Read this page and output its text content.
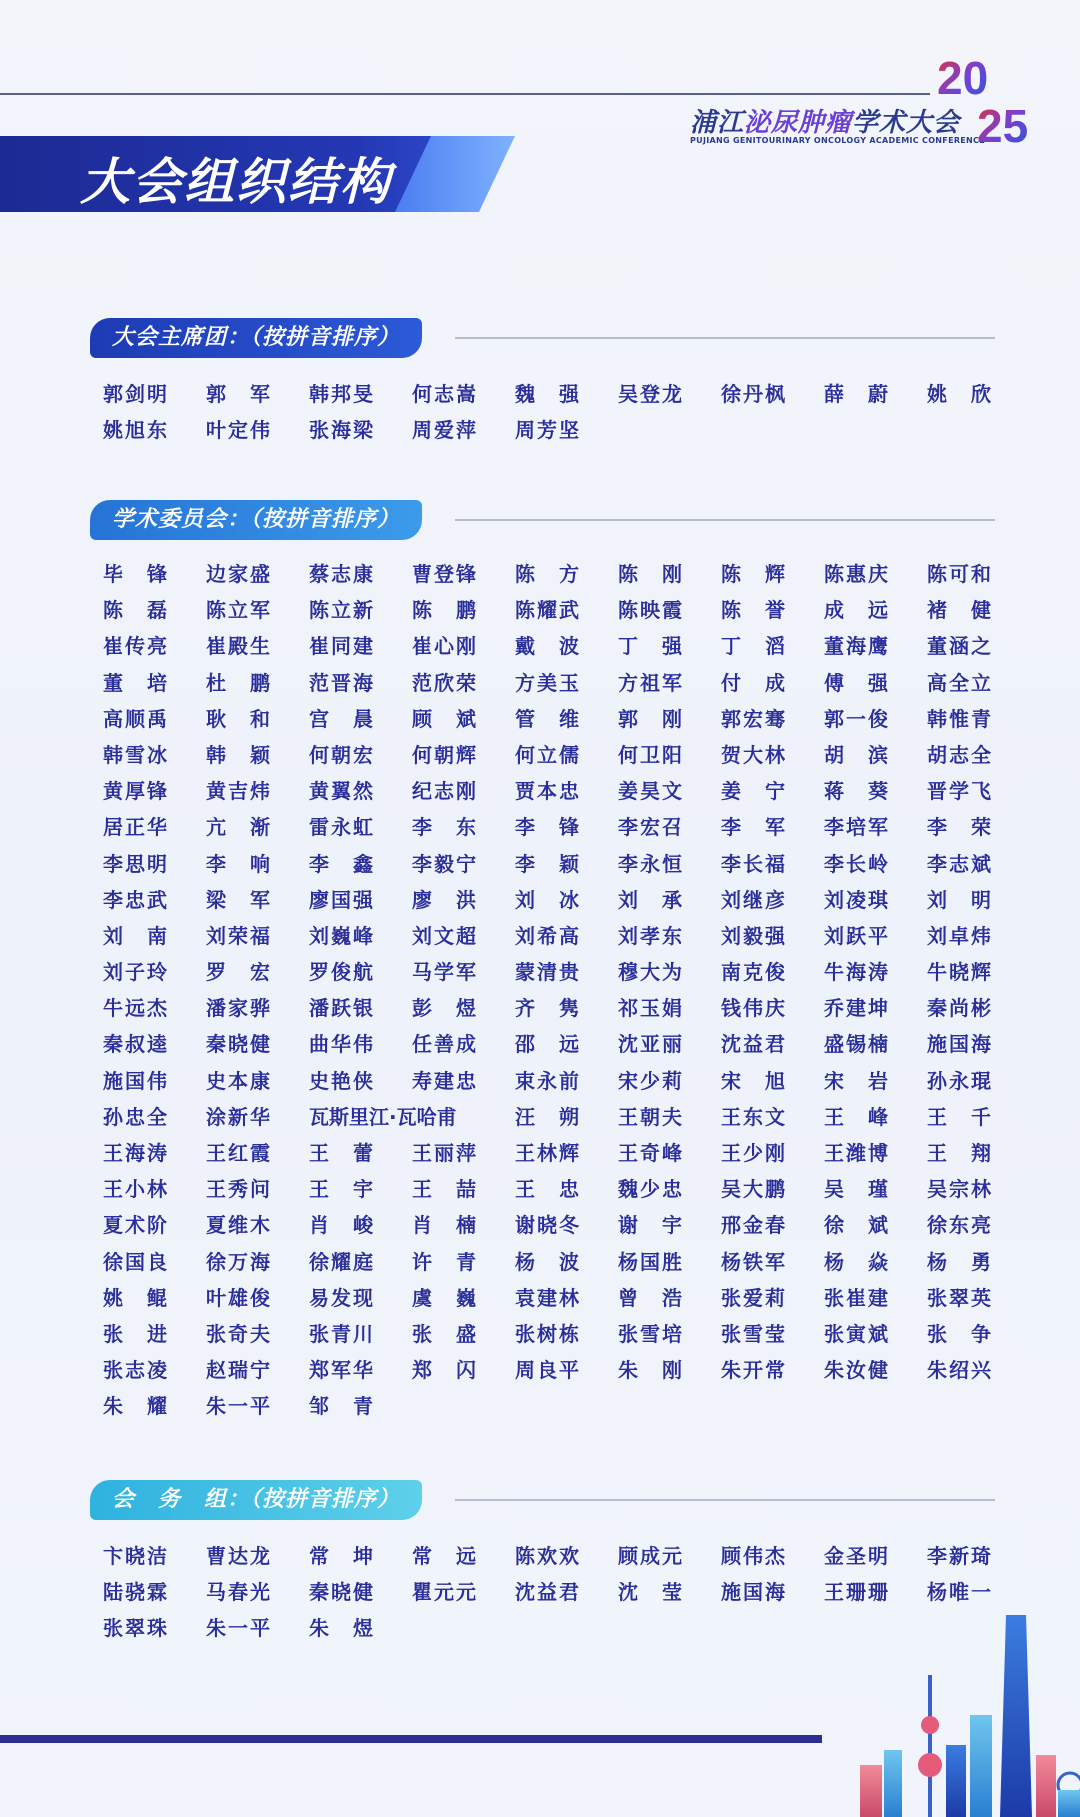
大会组织结构
浦江泌尿肿瘤学术大会
PUJIANG GENITOURINARY ONCOLOGY ACADEMIC CONFERENCE
20
25
大会主席团：（按拼音排序）
郭剑明 郭　军 韩邦旻 何志嵩 魏　强 吴登龙 徐丹枫 薛　蔚 姚　欣
姚旭东 叶定伟 张海梁 周爱萍 周芳坚
学术委员会：（按拼音排序）
毕　锋 边家盛 蔡志康 曹登锋 陈　方 陈　刚 陈　辉 陈惠庆 陈可和
陈　磊 陈立军 陈立新 陈　鹏 陈耀武 陈映霞 陈　誉 成　远 褚　健
崔传亮 崔殿生 崔同建 崔心刚 戴　波 丁　强 丁　滔 董海鹰 董涵之
董　培 杜　鹏 范晋海 范欣荣 方美玉 方祖军 付　成 傅　强 高全立
高顺禹 耿　和 宫　晨 顾　斌 管　维 郭　刚 郭宏骞 郭一俊 韩惟青
韩雪冰 韩　颖 何朝宏 何朝辉 何立儒 何卫阳 贺大林 胡　滨 胡志全
黄厚锋 黄吉炜 黄翼然 纪志刚 贾本忠 姜昊文 姜　宁 蒋　葵 晋学飞
居正华 亢　渐 雷永虹 李　东 李　锋 李宏召 李　军 李培军 李　荣
李思明 李　响 李　鑫 李毅宁 李　颖 李永恒 李长福 李长岭 李志斌
李忠武 梁　军 廖国强 廖　洪 刘　冰 刘　承 刘继彦 刘凌琪 刘　明
刘　南 刘荣福 刘巍峰 刘文超 刘希高 刘孝东 刘毅强 刘跃平 刘卓炜
刘子玲 罗　宏 罗俊航 马学军 蒙清贵 穆大为 南克俊 牛海涛 牛晓辉
牛远杰 潘家骅 潘跃银 彭　煜 齐　隽 祁玉娟 钱伟庆 乔建坤 秦尚彬
秦叔逵 秦晓健 曲华伟 任善成 邵　远 沈亚丽 沈益君 盛锡楠 施国海
施国伟 史本康 史艳侠 寿建忠 束永前 宋少莉 宋　旭 宋　岩 孙永琨
孙忠全 涂新华 瓦斯里江·瓦哈甫	汪　朔 王朝夫 王东文 王　峰 王　千
王海涛 王红霞 王　蕾 王丽萍 王林辉 王奇峰 王少刚 王潍博 王　翔
王小林 王秀问 王　宇 王　喆 王　忠 魏少忠 吴大鹏 吴　瑾 吴宗林
夏术阶 夏维木 肖　峻 肖　楠 谢晓冬 谢　宇 邢金春 徐　斌 徐东亮
徐国良 徐万海 徐耀庭 许　青 杨　波 杨国胜 杨铁军 杨　焱 杨　勇
姚　鲲 叶雄俊 易发现 虞　巍 袁建林 曾　浩 张爱莉 张崔建 张翠英
张　进 张奇夫 张青川 张　盛 张树栋 张雪培 张雪莹 张寅斌 张　争
张志凌 赵瑞宁 郑军华 郑　闪 周良平 朱　刚 朱开常 朱汝健 朱绍兴
朱　耀 朱一平 邹　青
会　务　组：（按拼音排序）
卞晓洁 曹达龙 常　坤 常　远 陈欢欢 顾成元 顾伟杰 金圣明 李新琦
陆骁霖 马春光 秦晓健 瞿元元 沈益君 沈　莹 施国海 王珊珊 杨唯一
张翠珠 朱一平 朱　煜
